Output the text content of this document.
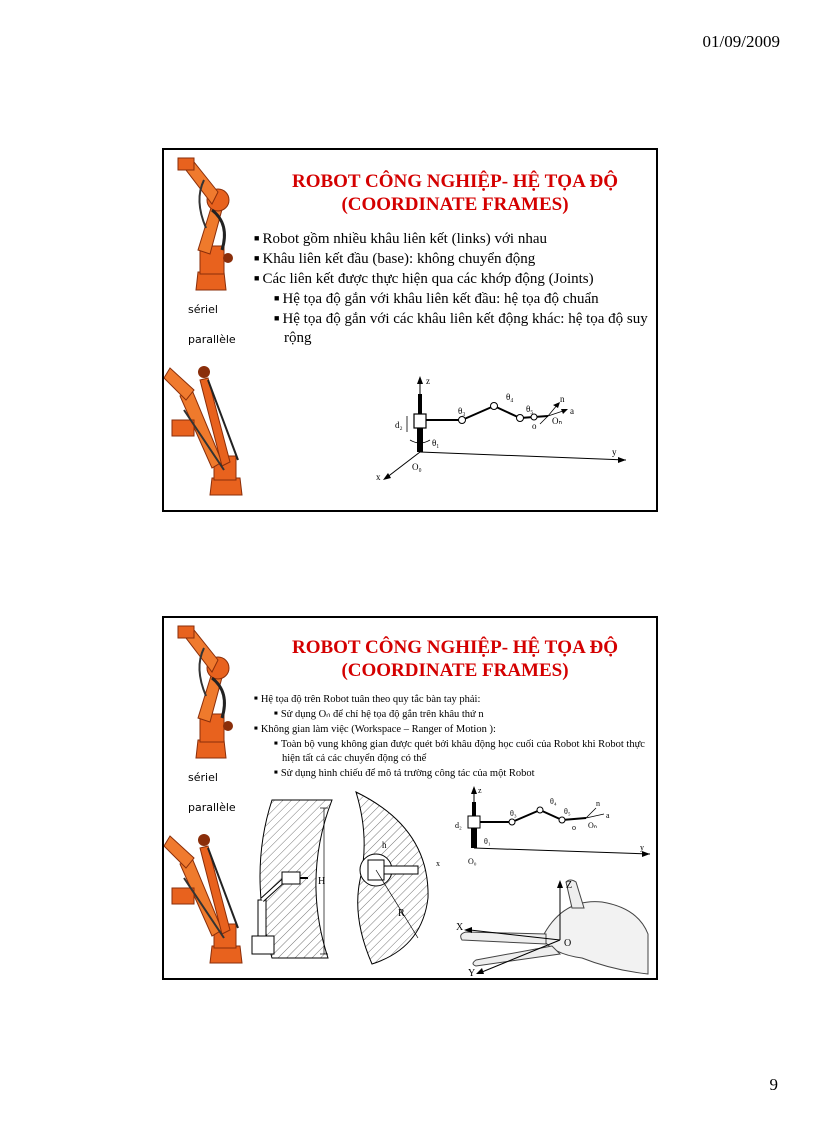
01/09/2009
sériel
parallèle
ROBOT CÔNG NGHIỆP- HỆ TỌA ĐỘ
(COORDINATE FRAMES)
■ Robot gồm nhiều khâu liên kết (links) với nhau
■ Khâu liên kết đầu (base): không chuyển động
■ Các liên kết được thực hiện qua các khớp động (Joints)
■ Hệ tọa độ gắn với khâu liên kết đầu: hệ tọa độ chuẩn
■ Hệ tọa độ gắn với các khâu liên kết động khác: hệ tọa độ suy rộng
z
y
x
O₀
d₂
θ₁
θ₃
θ₄
θ₅
n
a
o Oₙ
sériel
parallèle
ROBOT CÔNG NGHIỆP- HỆ TỌA ĐỘ
(COORDINATE FRAMES)
■ Hệ tọa độ trên Robot tuân theo quy tắc bàn tay phải:
■ Sử dụng Oₙ để chỉ hệ tọa độ gắn trên khâu thứ n
■ Không gian làm việc (Workspace – Ranger of Motion ):
■ Toàn bộ vung không gian được quét bởi khâu động học cuối của Robot khi Robot thực hiện tất cả các chuyển động có thể
■ Sử dụng hình chiếu để mô tả trường công tác của một Robot
H
R
h
z
y
x	O₀
d₂
θ₁
θ₃
θ₄
θ₅
n
a
o Oₙ
Z
X
Y
O
9
